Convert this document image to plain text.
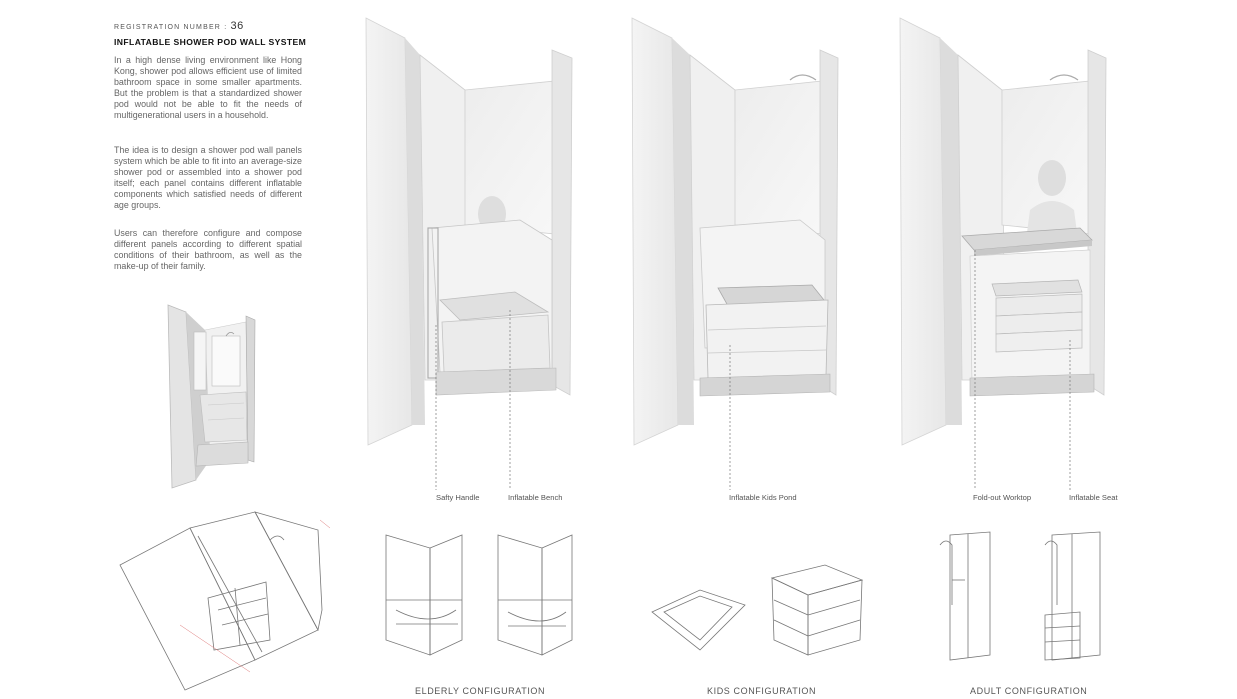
REGISTRATION NUMBER : 36
INFLATABLE SHOWER POD WALL SYSTEM
In a high dense living environment like Hong Kong, shower pod allows efficient use of limited bathroom space in some smaller apartments. But the problem is that a standardized shower pod would not be able to fit the needs of multigenerational users in a household.
The idea is to design a shower pod wall panels system which be able to fit into an average-size shower pod or assembled into a shower pod itself; each panel contains different inflatable components which satisfied needs of different age groups.
Users can therefore configure and compose different panels according to different spatial conditions of their bathroom, as well as the make-up of their family.
Safty Handle	Inflatable Bench	Inflatable Kids Pond	Fold-out Worktop	Inflatable Seat
ELDERLY CONFIGURATION	KIDS CONFIGURATION	ADULT CONFIGURATION
